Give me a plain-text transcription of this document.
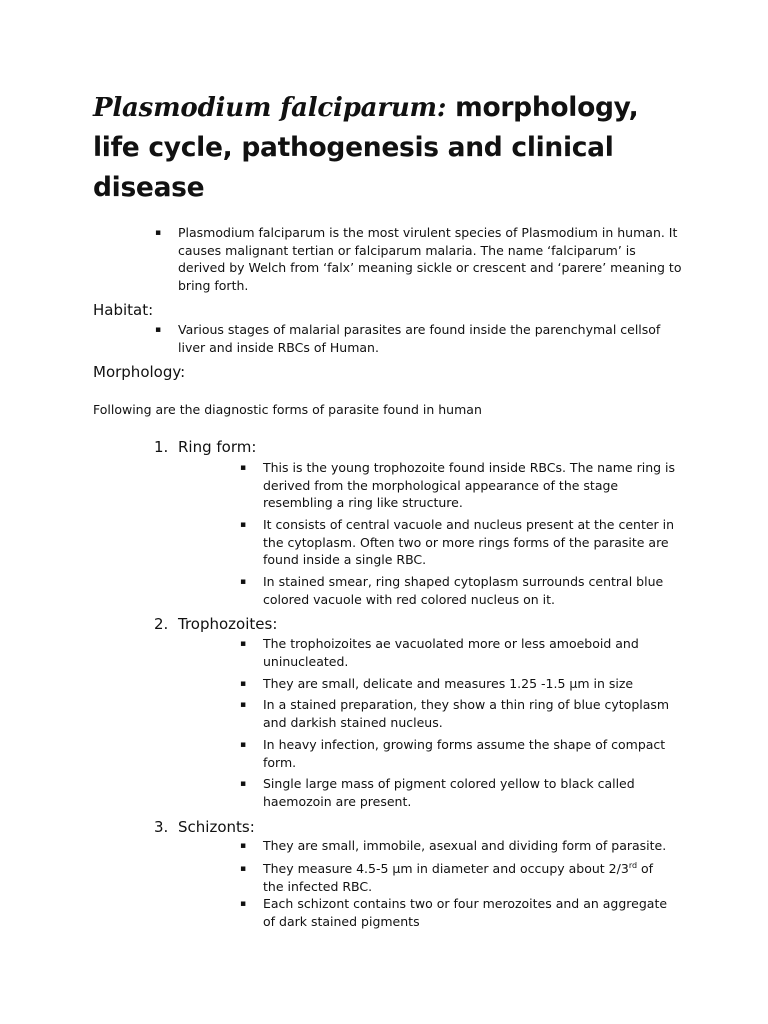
Plasmodium falciparum: morphology, life cycle, pathogenesis and clinical disease
▪ Plasmodium falciparum is the most virulent species of Plasmodium in human. It causes malignant tertian or falciparum malaria. The name ‘falciparum’ is derived by Welch from ‘falx’ meaning sickle or crescent and ‘parere’ meaning to bring forth.

Habitat:

▪ Various stages of malarial parasites are found inside the parenchymal cellsof liver and inside RBCs of Human.

Morphology:

Following are the diagnostic forms of parasite found in human

1. Ring form:

▪ This is the young trophozoite found inside RBCs. The name ring is derived from the morphological appearance of the stage resembling a ring like structure.

▪ It consists of central vacuole and nucleus present at the center in the cytoplasm. Often two or more rings forms of the parasite are found inside a single RBC.

▪ In stained smear, ring shaped cytoplasm surrounds central blue colored vacuole with red colored nucleus on it.

2. Trophozoites:

▪ The trophoizoites ae vacuolated more or less amoeboid and uninucleated.

▪ They are small, delicate and measures 1.25 -1.5 µm in size

▪ In a stained preparation, they show a thin ring of blue cytoplasm and darkish stained nucleus.

▪ In heavy infection, growing forms assume the shape of compact form.

▪ Single large mass of pigment colored yellow to black called haemozoin are present.

3. Schizonts:

▪ They are small, immobile, asexual and dividing form of parasite.

▪ They measure 4.5-5 µm in diameter and occupy about 2/3rd of the infected RBC.

▪ Each schizont contains two or four merozoites and an aggregate of dark stained pigments
